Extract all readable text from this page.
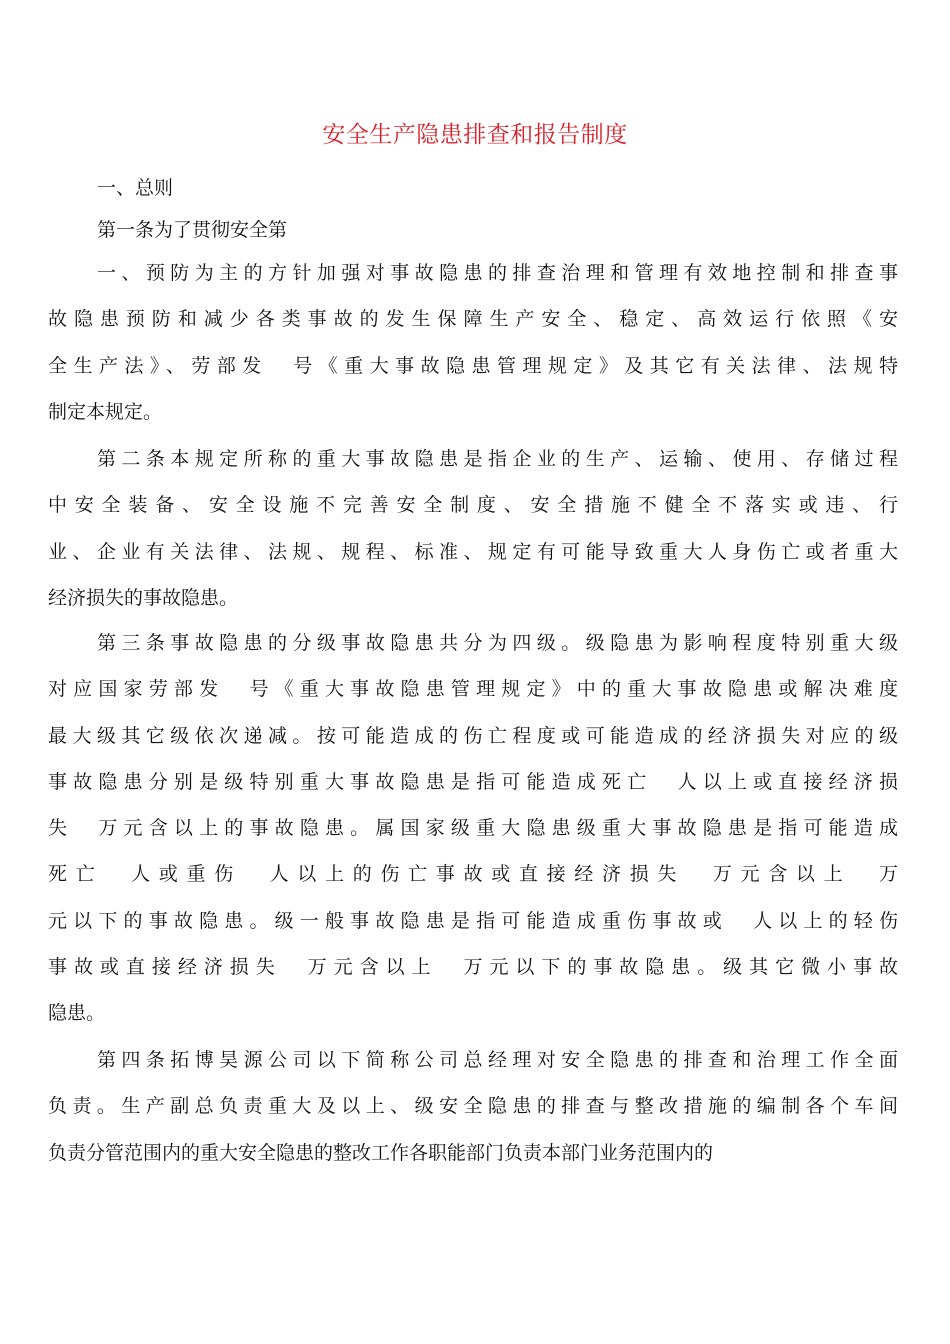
安全生产隐患排查和报告制度
一、总则
第一条为了贯彻安全第
一、预防为主的方针加强对事故隐患的排查治理和管理有效地控制和排查事
故隐患预防和减少各类事故的发生保障生产安全、稳定、高效运行依照《安
全生产法》、劳部发　号《重大事故隐患管理规定》及其它有关法律、法规特
制定本规定。
第二条本规定所称的重大事故隐患是指企业的生产、运输、使用、存储过程
中安全装备、安全设施不完善安全制度、安全措施不健全不落实或违、行
业、企业有关法律、法规、规程、标准、规定有可能导致重大人身伤亡或者重大
经济损失的事故隐患。
第三条事故隐患的分级事故隐患共分为四级。级隐患为影响程度特别重大级
对应国家劳部发　号《重大事故隐患管理规定》中的重大事故隐患或解决难度
最大级其它级依次递减。按可能造成的伤亡程度或可能造成的经济损失对应的级
事故隐患分别是级特别重大事故隐患是指可能造成死亡　人以上或直接经济损
失　万元含以上的事故隐患。属国家级重大隐患级重大事故隐患是指可能造成
死亡　人或重伤　人以上的伤亡事故或直接经济损失　万元含以上　万
元以下的事故隐患。级一般事故隐患是指可能造成重伤事故或　人以上的轻伤
事故或直接经济损失　万元含以上　万元以下的事故隐患。级其它微小事故
隐患。
第四条拓博昊源公司以下简称公司总经理对安全隐患的排查和治理工作全面
负责。生产副总负责重大及以上、级安全隐患的排查与整改措施的编制各个车间
负责分管范围内的重大安全隐患的整改工作各职能部门负责本部门业务范围内的
